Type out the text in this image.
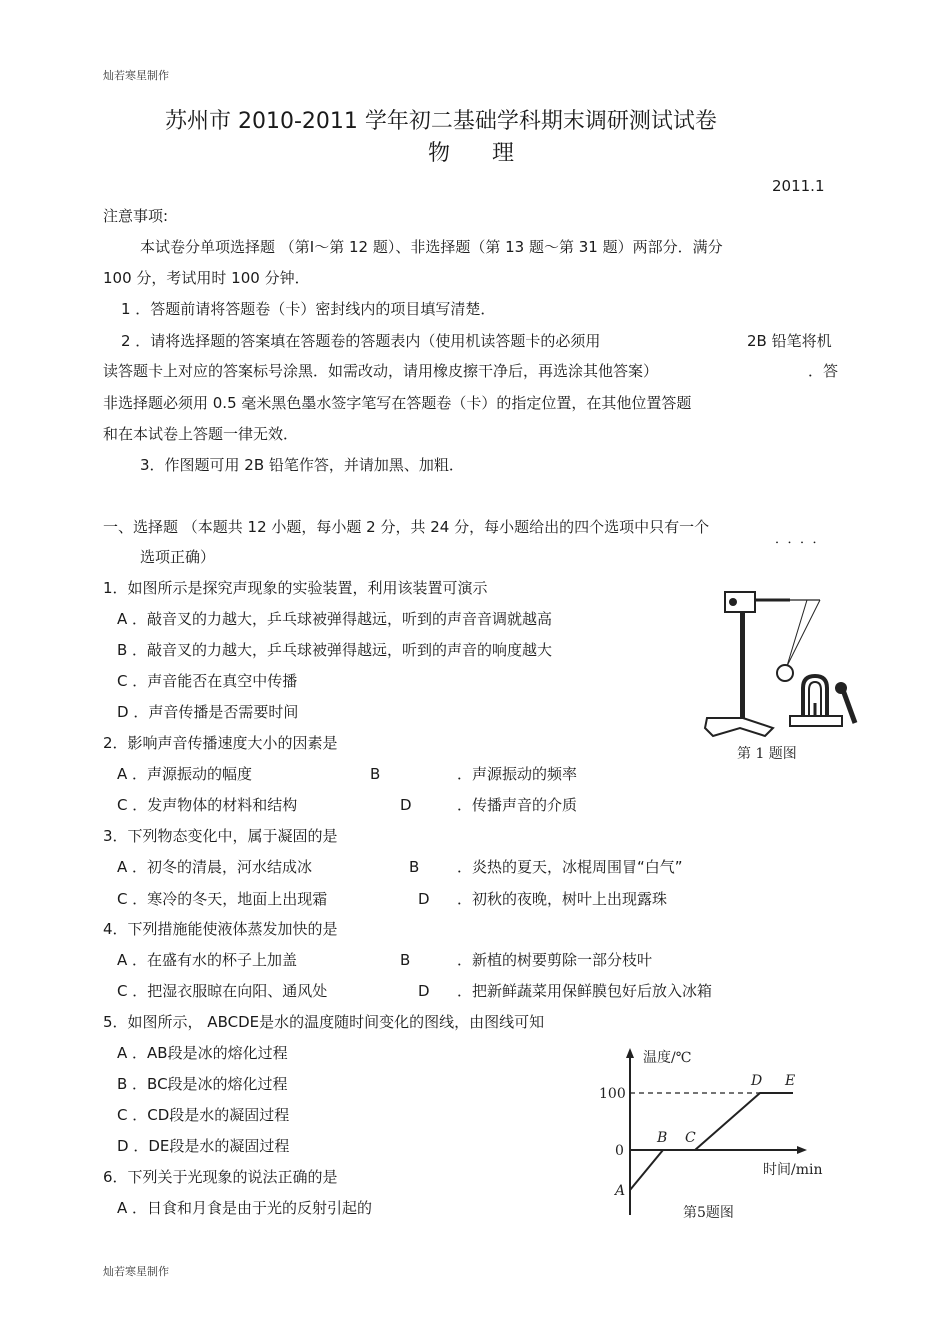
灿若寒星制作
灿若寒星制作
苏州市 2010-2011 学年初二基础学科期末调研测试试卷
物      理
2011.1
注意事项:
本试卷分单项选择题 （第Ⅰ～第 12 题）、非选择题（第 13 题～第 31 题）两部分．满分
100 分，考试用时 100 分钟．
1 ．答题前请将答题卷（卡）密封线内的项目填写清楚．
2 ．请将选择题的答案填在答题卷的答题表内（使用机读答题卡的必须用	2B 铅笔将机
读答题卡上对应的答案标号涂黑．如需改动，请用橡皮擦干净后，再选涂其他答案）	．答
非选择题必须用 0.5 毫米黑色墨水签字笔写在答题卷（卡）的指定位置，在其他位置答题
和在本试卷上答题一律无效．
3．作图题可用 2B 铅笔作答，并请加黑、加粗．
一、选择题 （本题共 12 小题，每小题 2 分，共 24 分，每小题给出的四个选项中只有一个
．．．．
选项正确）
1．如图所示是探究声现象的实验装置，利用该装置可演示
A ．敲音叉的力越大，乒乓球被弹得越远，听到的声音音调就越高
B ．敲音叉的力越大，乒乓球被弹得越远，听到的声音的响度越大
C ．声音能否在真空中传播
D ．声音传播是否需要时间
第 1 题图
2．影响声音传播速度大小的因素是
A ．声源振动的幅度	B	．声源振动的频率
C ．发声物体的材料和结构	D	．传播声音的介质
3．下列物态变化中，属于凝固的是
A ．初冬的清晨，河水结成冰	B	．炎热的夏天，冰棍周围冒“白气”
C ．寒冷的冬天，地面上出现霜	D ．初秋的夜晚，树叶上出现露珠
4．下列措施能使液体蒸发加快的是
A ．在盛有水的杯子上加盖	B	．新植的树要剪除一部分枝叶
C ．把湿衣服晾在向阳、通风处	D ．把新鲜蔬菜用保鲜膜包好后放入冰箱
5．如图所示， ABCDE是水的温度随时间变化的图线，由图线可知
A ．AB段是冰的熔化过程
B ．BC段是冰的熔化过程
C ．CD段是水的凝固过程
D ．DE段是水的凝固过程
6．下列关于光现象的说法正确的是
A ．日食和月食是由于光的反射引起的
温度/℃
时间/min
100
0
A
B C
D E
第5题图
